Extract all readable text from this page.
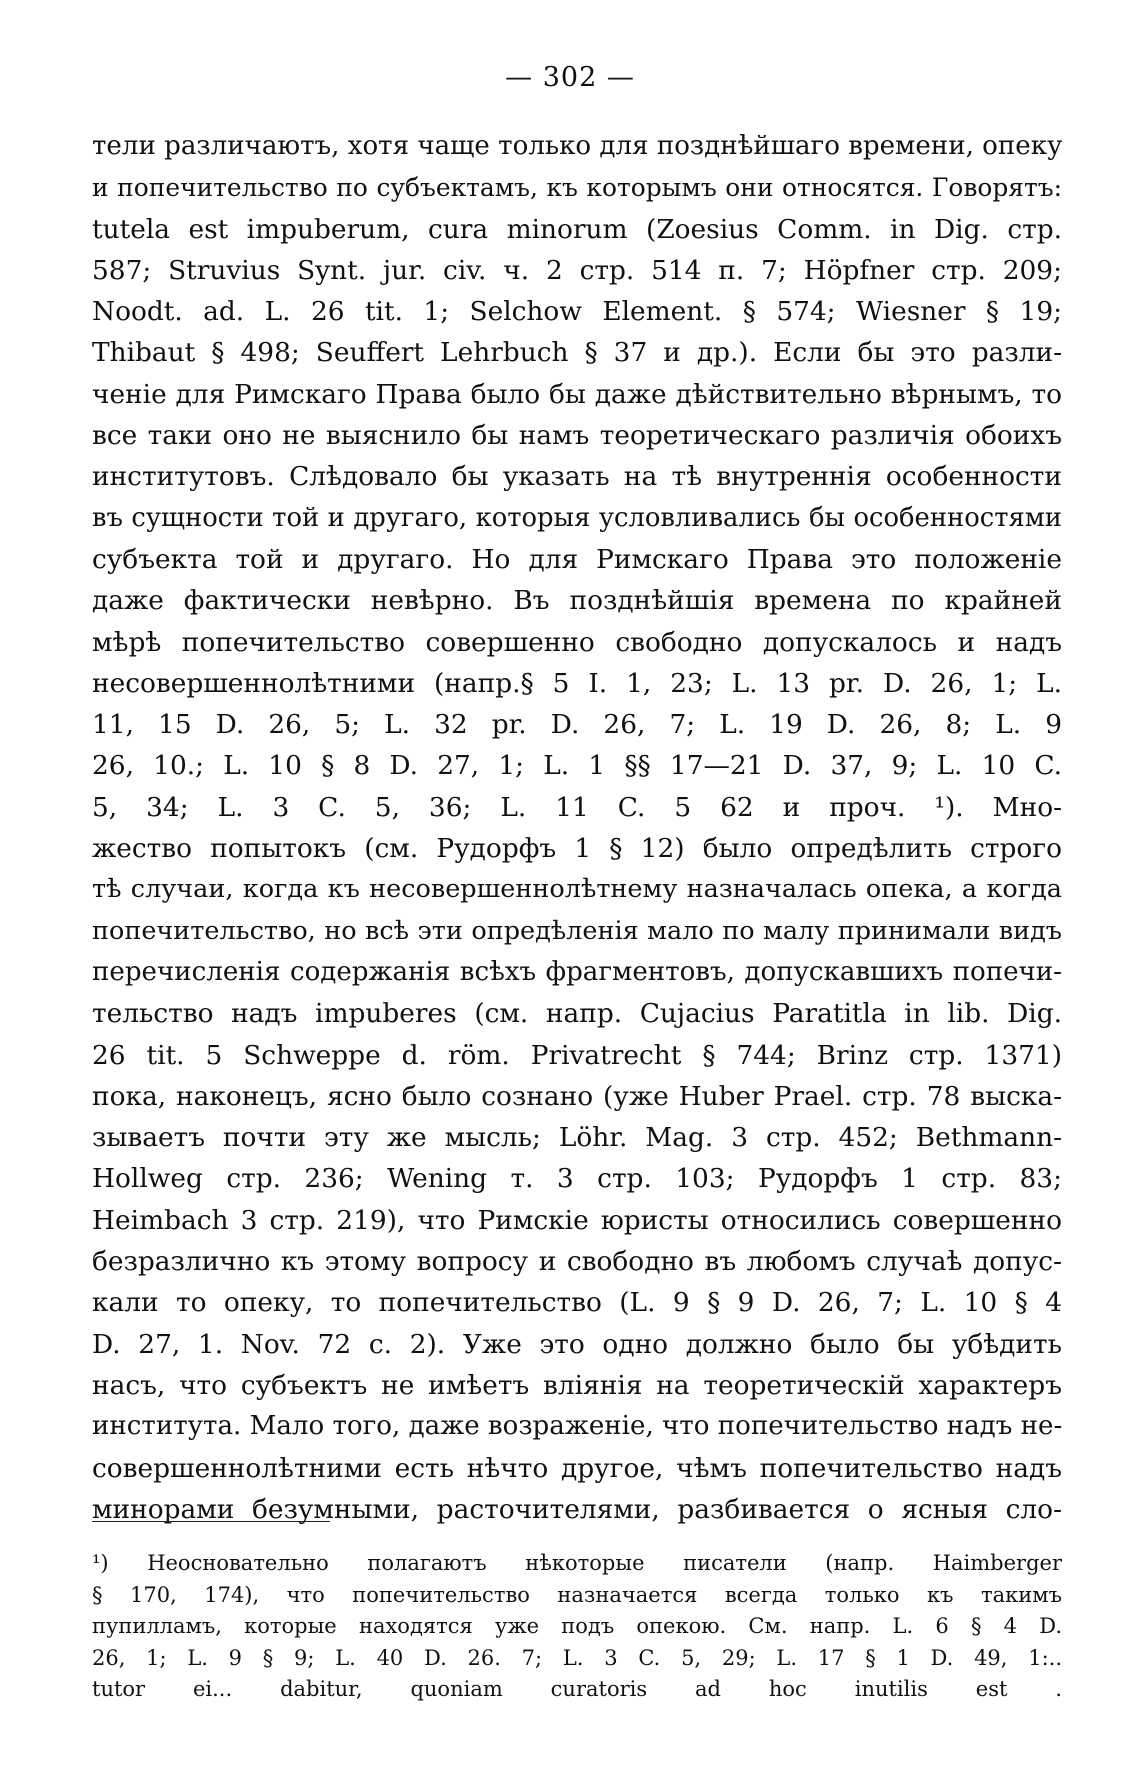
— 302 —
тели различаютъ, хотя чаще только для позднѣйшаго времени, опеку
и попечительство по субъектамъ, къ которымъ они относятся. Говорятъ:
tutela est impuberum, cura minorum (Zoesius Comm. in Dig. стр.
587; Struvius Synt. jur. civ. ч. 2 стр. 514 п. 7; Höpfner стр. 209;
Noodt. ad. L. 26 tit. 1; Selchow Element. § 574; Wiesner § 19;
Thibaut § 498; Seuffert Lehrbuch § 37 и др.). Если бы это разли-
ченіе для Римскаго Права было бы даже дѣйствительно вѣрнымъ, то
все таки оно не выяснило бы намъ теоретическаго различія обоихъ
институтовъ. Слѣдовало бы указать на тѣ внутреннія особенности
въ сущности той и другаго, которыя условливались бы особенностями
субъекта той и другаго. Но для Римскаго Права это положеніе
даже фактически невѣрно. Въ позднѣйшія времена по крайней
мѣрѣ попечительство совершенно свободно допускалось и надъ
несовершеннолѣтними (напр.§ 5 I. 1, 23; L. 13 pr. D. 26, 1; L.
11, 15 D. 26, 5; L. 32 pr. D. 26, 7; L. 19 D. 26, 8; L. 9
26, 10.; L. 10 § 8 D. 27, 1; L. 1 §§ 17—21 D. 37, 9; L. 10 C.
5, 34; L. 3 C. 5, 36; L. 11 C. 5 62 и проч. ¹). Мно-
жество попытокъ (см. Рудорфъ 1 § 12) было опредѣлить строго
тѣ случаи, когда къ несовершеннолѣтнему назначалась опека, а когда
попечительство, но всѣ эти опредѣленія мало по малу принимали видъ
перечисленія содержанія всѣхъ фрагментовъ, допускавшихъ попечи-
тельство надъ impuberes (см. напр. Cujacius Paratitla in lib. Dig.
26 tit. 5 Schweppe d. röm. Privatrecht § 744; Brinz стр. 1371)
пока, наконецъ, ясно было сознано (уже Huber Prael. стр. 78 выска-
зываетъ почти эту же мысль; Löhr. Mag. 3 стр. 452; Bethmann-
Hollweg стр. 236; Wening т. 3 стр. 103; Рудорфъ 1 стр. 83;
Heimbach 3 стр. 219), что Римскіе юристы относились совершенно
безразлично къ этому вопросу и свободно въ любомъ случаѣ допус-
кали то опеку, то попечительство (L. 9 § 9 D. 26, 7; L. 10 § 4
D. 27, 1. Nov. 72 c. 2). Уже это одно должно было бы убѣдить
насъ, что субъектъ не имѣетъ вліянія на теоретическій характеръ
института. Мало того, даже возраженіе, что попечительство надъ не-
совершеннолѣтними есть нѣчто другое, чѣмъ попечительство надъ
минорами безумными, расточителями, разбивается о ясныя сло-
¹) Неосновательно полагаютъ нѣкоторые писатели (напр. Haimberger
§ 170, 174), что попечительство назначается всегда только къ такимъ
пупилламъ, которые находятся уже подъ опекою. См. напр. L. 6 § 4 D.
26, 1; L. 9 § 9; L. 40 D. 26. 7; L. 3 C. 5, 29; L. 17 § 1 D. 49, 1:..
tutor ei... dabitur, quoniam curatoris ad hoc inutilis est .
